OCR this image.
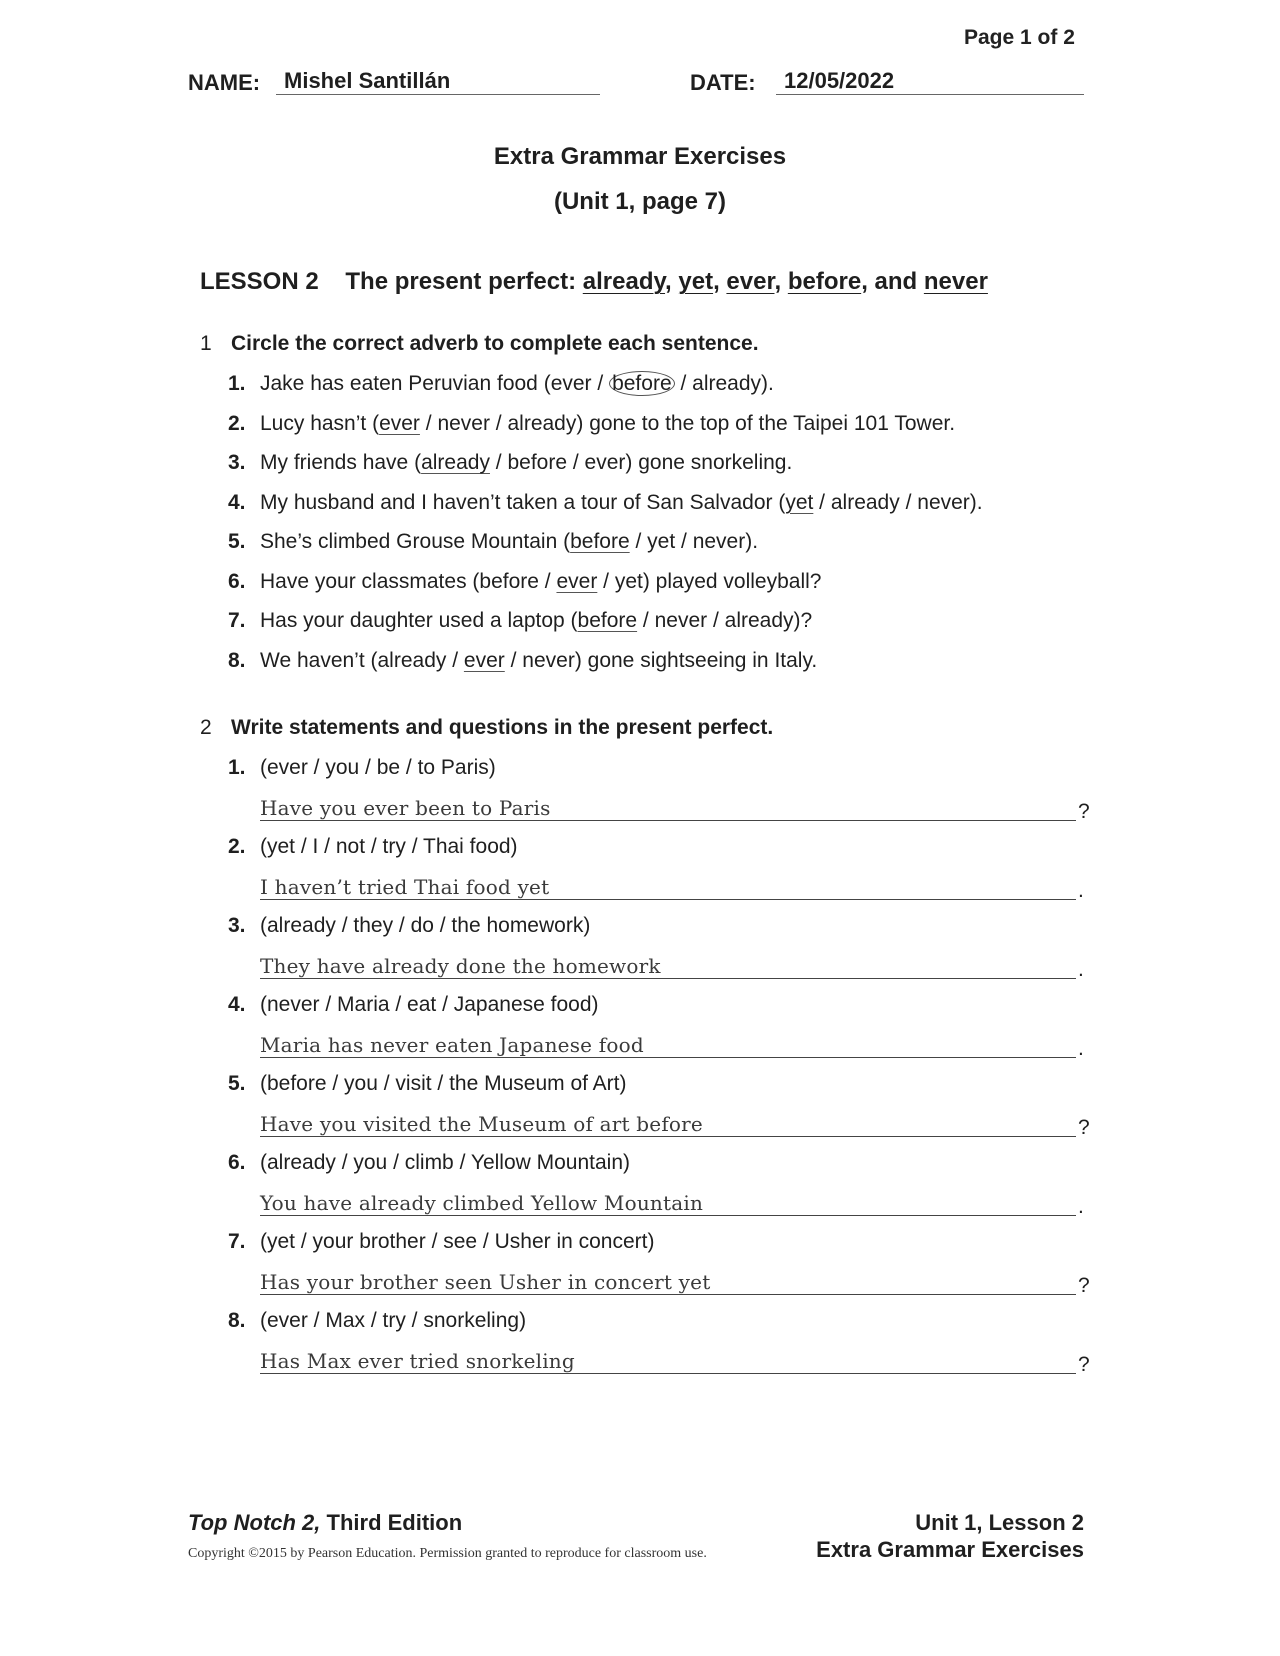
Page 1 of 2
NAME:	Mishel Santillán	DATE:	12/05/2022
Extra Grammar Exercises
(Unit 1, page 7)
LESSON 2 The present perfect: already, yet, ever, before, and never
1 Circle the correct adverb to complete each sentence.
1. Jake has eaten Peruvian food (ever / before / already).
2. Lucy hasn’t (ever / never / already) gone to the top of the Taipei 101 Tower.
3. My friends have (already / before / ever) gone snorkeling.
4. My husband and I haven’t taken a tour of San Salvador (yet / already / never).
5. She’s climbed Grouse Mountain (before / yet / never).
6. Have your classmates (before / ever / yet) played volleyball?
7. Has your daughter used a laptop (before / never / already)?
8. We haven’t (already / ever / never) gone sightseeing in Italy.
2 Write statements and questions in the present perfect.
1. (ever / you / be / to Paris)
Have you ever been to Paris	?
2. (yet / I / not / try / Thai food)
I haven’t tried Thai food yet	.
3. (already / they / do / the homework)
They have already done the homework	.
4. (never / Maria / eat / Japanese food)
Maria has never eaten Japanese food	.
5. (before / you / visit / the Museum of Art)
Have you visited the Museum of art before	?
6. (already / you / climb / Yellow Mountain)
You have already climbed Yellow Mountain	.
7. (yet / your brother / see / Usher in concert)
Has your brother seen Usher in concert yet	?
8. (ever / Max / try / snorkeling)
Has Max ever tried snorkeling	?
Top Notch 2, Third Edition
Copyright ©2015 by Pearson Education. Permission granted to reproduce for classroom use.
Unit 1, Lesson 2
Extra Grammar Exercises
